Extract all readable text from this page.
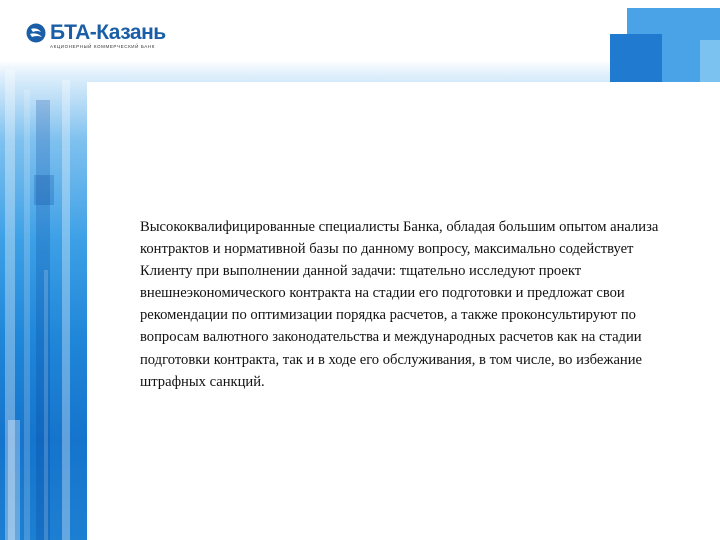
БТА-Казань
АКЦИОНЕРНЫЙ КОММЕРЧЕСКИЙ БАНК

Высококвалифицированные специалисты Банка, обладая большим опытом анализа контрактов и нормативной базы по данному вопросу, максимально содействует Клиенту при выполнении данной задачи: тщательно исследуют проект внешнеэкономического контракта на стадии его подготовки и предложат свои рекомендации по оптимизации порядка расчетов, а также проконсультируют по вопросам валютного законодательства и международных расчетов как на стадии подготовки контракта, так и в ходе его обслуживания, в том числе, во избежание штрафных санкций.
